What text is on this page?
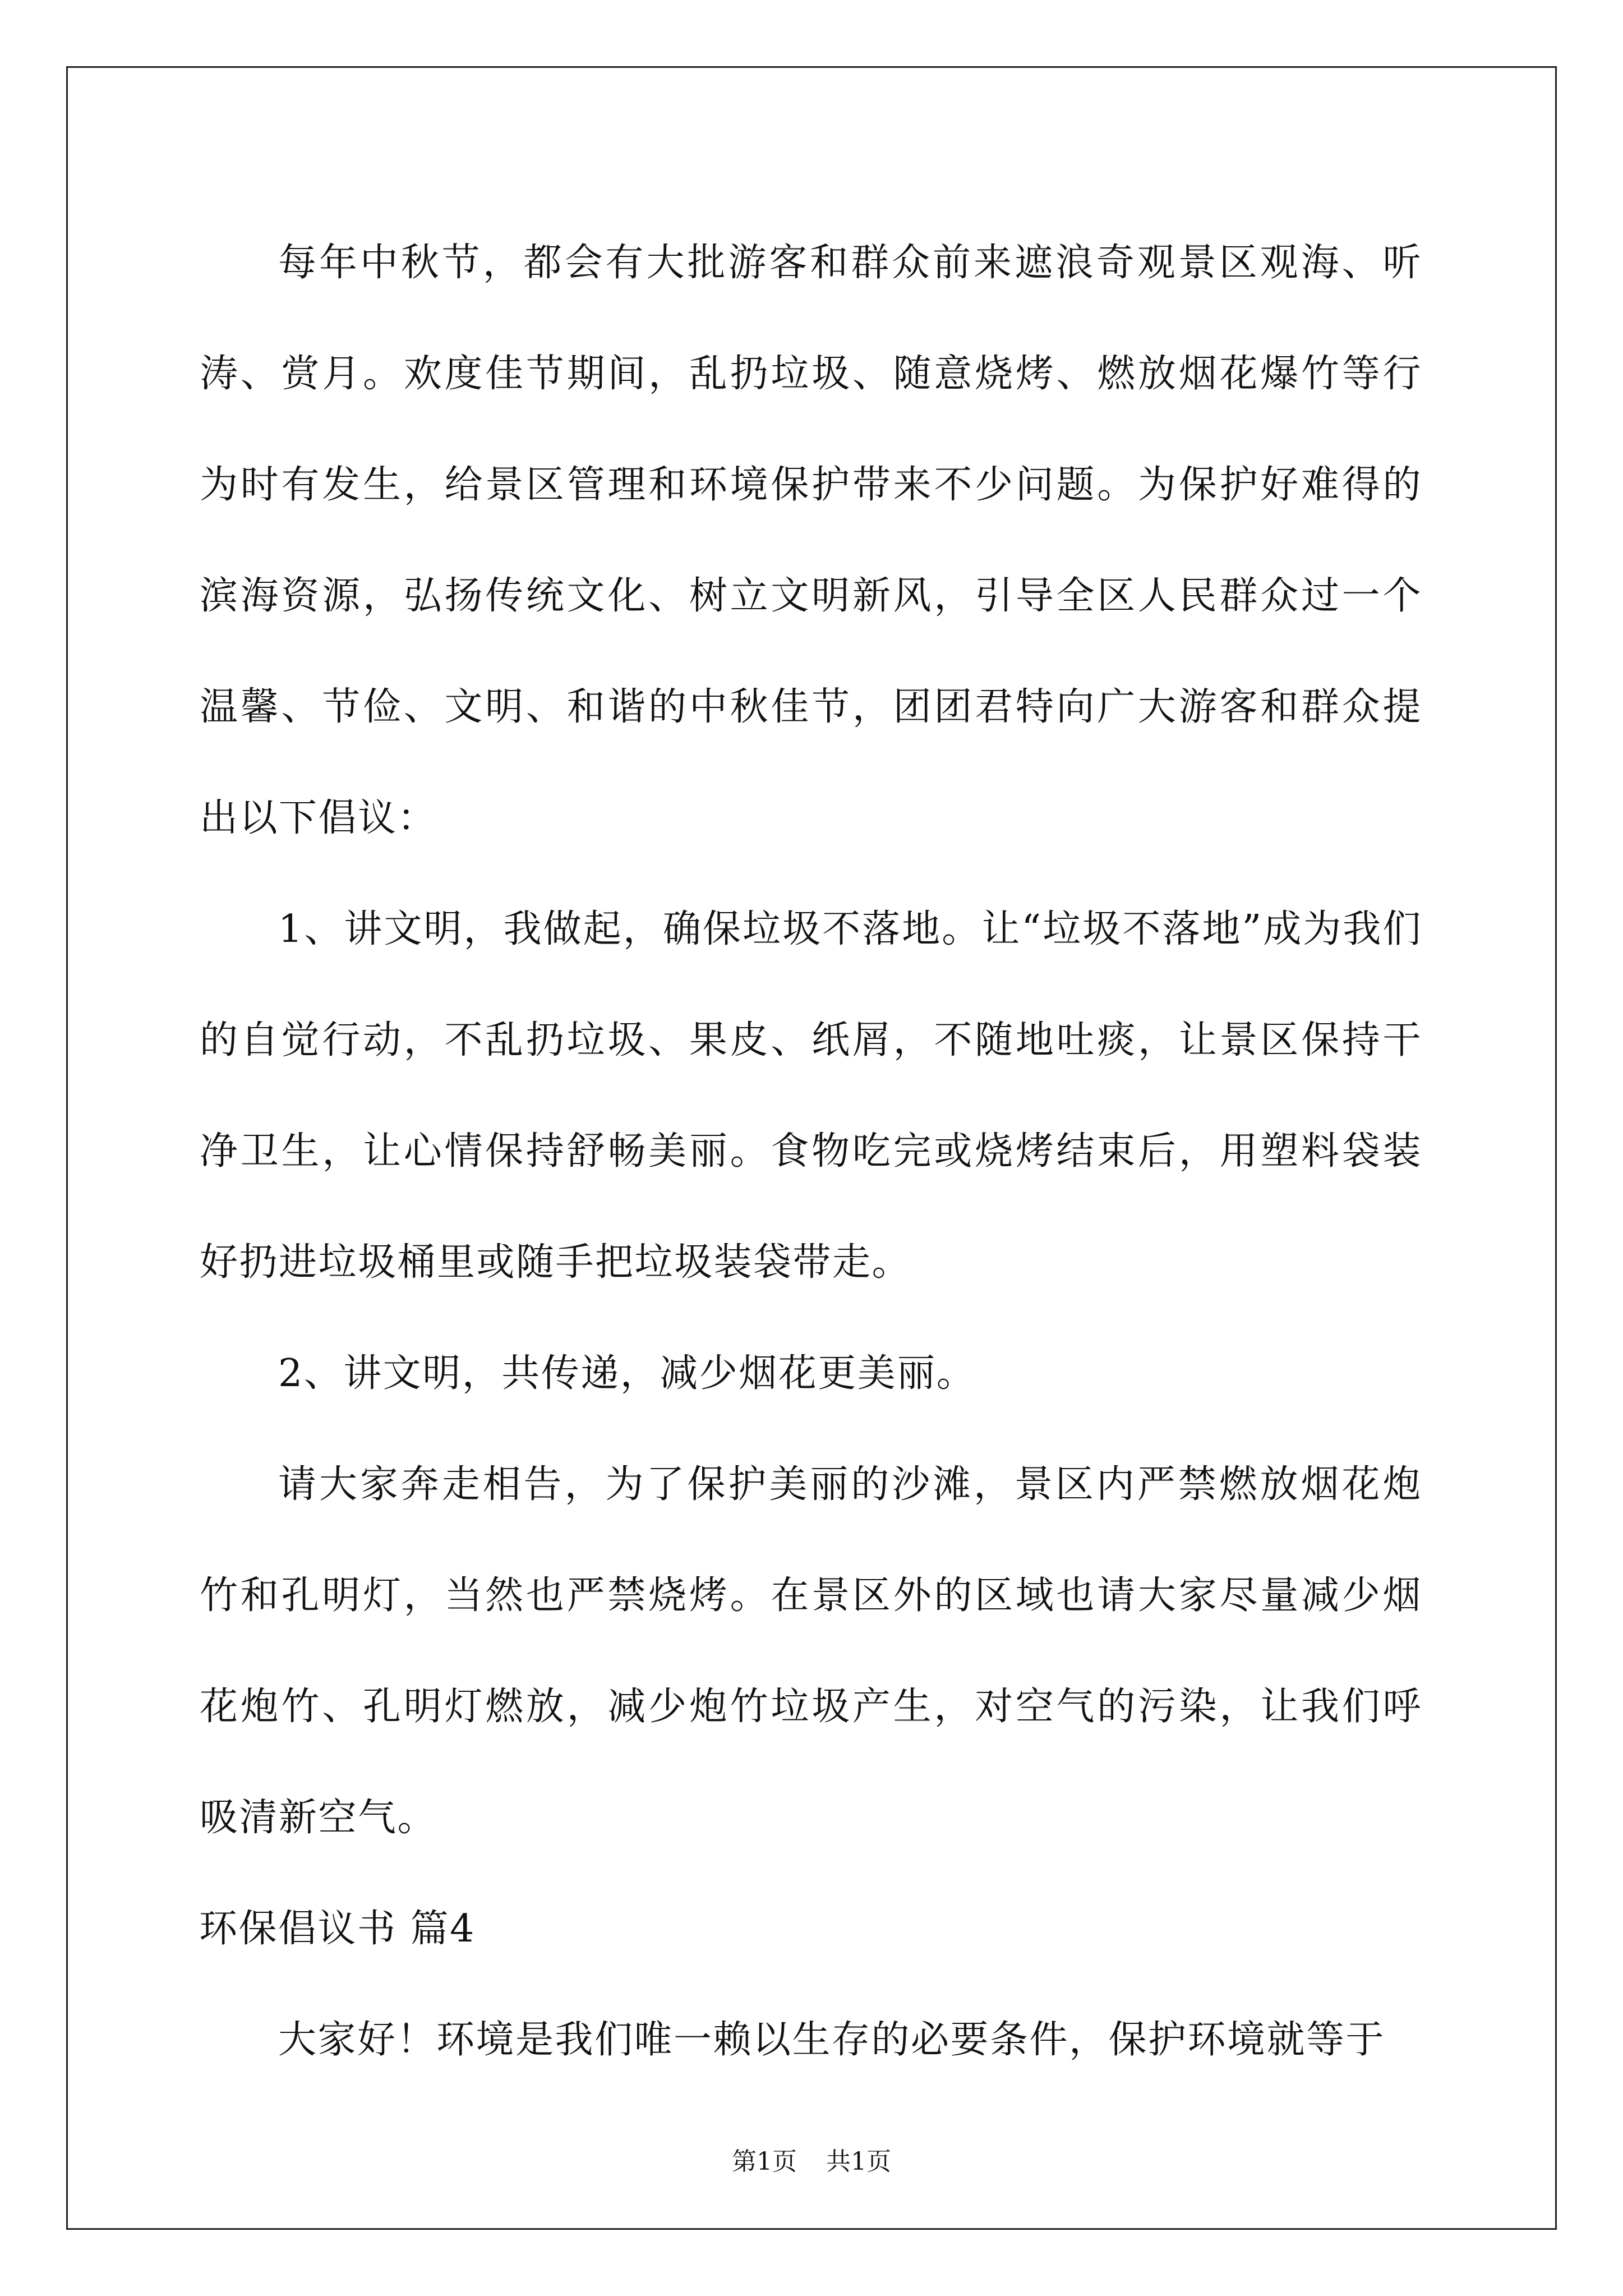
每年中秋节，都会有大批游客和群众前来遮浪奇观景区观海、听涛、赏月。欢度佳节期间，乱扔垃圾、随意烧烤、燃放烟花爆竹等行为时有发生，给景区管理和环境保护带来不少问题。为保护好难得的滨海资源，弘扬传统文化、树立文明新风，引导全区人民群众过一个温馨、节俭、文明、和谐的中秋佳节，团团君特向广大游客和群众提出以下倡议：

1、讲文明，我做起，确保垃圾不落地。让“垃圾不落地”成为我们的自觉行动，不乱扔垃圾、果皮、纸屑，不随地吐痰，让景区保持干净卫生，让心情保持舒畅美丽。食物吃完或烧烤结束后，用塑料袋装好扔进垃圾桶里或随手把垃圾装袋带走。

2、讲文明，共传递，减少烟花更美丽。

请大家奔走相告，为了保护美丽的沙滩，景区内严禁燃放烟花炮竹和孔明灯，当然也严禁烧烤。在景区外的区域也请大家尽量减少烟花炮竹、孔明灯燃放，减少炮竹垃圾产生，对空气的污染，让我们呼吸清新空气。

环保倡议书 篇4

大家好！环境是我们唯一赖以生存的必要条件，保护环境就等于

第1页 共1页
